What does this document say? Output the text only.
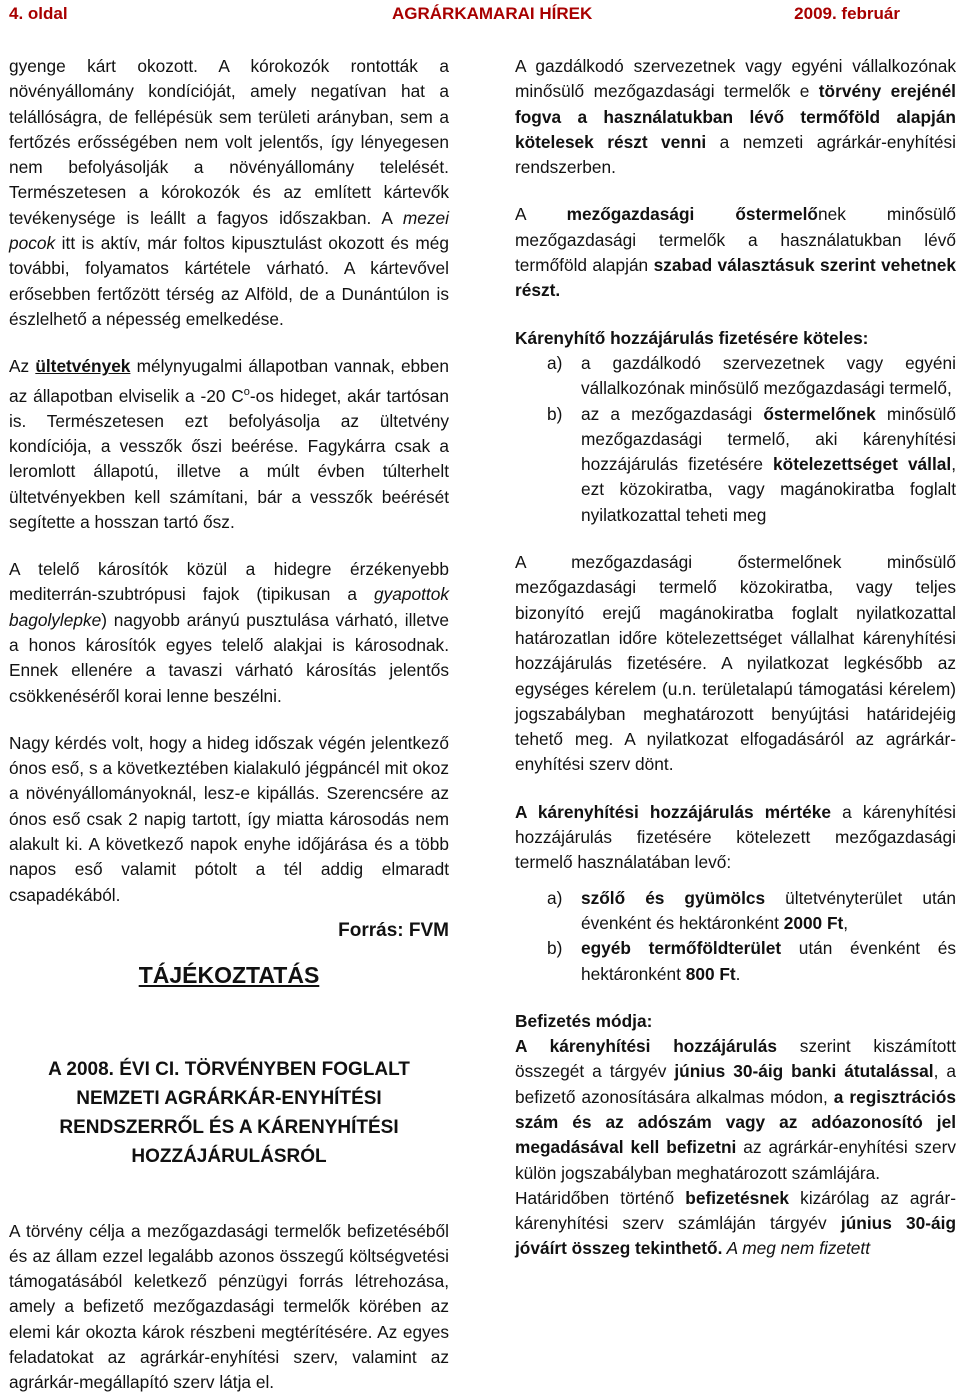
4. oldal	AGRÁRKAMARAI HÍREK	2009. február

gyenge kárt okozott. A kórokozók rontották a növényállomány kondícióját, amely negatívan hat a telállóságra, de fellépésük sem területi arányban, sem a fertőzés erősségében nem volt jelentős, így lényegesen nem befolyásolják a növényállomány telelését. Természetesen a kórokozók és az említett kártevők tevékenysége is leállt a fagyos időszakban. A mezei pocok itt is aktív, már foltos kipusztulást okozott és még további, folyamatos kártétele várható. A kártevővel erősebben fertőzött térség az Alföld, de a Dunántúlon is észlelhető a népesség emelkedése.

Az ültetvények mélynyugalmi állapotban vannak, ebben az állapotban elviselik a -20 $C^o-os$ hideget, akár tartósan is. Természetesen ezt befolyásolja az ültetvény kondíciója, a vesszők őszi beérése. Fagykárra csak a leromlott állapotú, illetve a múlt évben túlterhelt ültetvényekben kell számítani, bár a vesszők beérését segítette a hosszan tartó ősz.

A telelő károsítók közül a hidegre érzékenyebb mediterrán-szubtrópusi fajok (tipikusan a gyapottok bagolylepke) nagyobb arányú pusztulása várható, illetve a honos károsítók egyes telelő alakjai is károsodnak. Ennek ellenére a tavaszi várható károsítás jelentős csökkenéséről korai lenne beszélni.

Nagy kérdés volt, hogy a hideg időszak végén jelentkező ónos eső, s a következtében kialakuló jégpáncél mit okoz a növényállományoknál, lesz-e kipállás. Szerencsére az ónos eső csak 2 napig tartott, így miatta károsodás nem alakult ki. A következő napok enyhe időjárása és a több napos eső valamit pótolt a tél addig elmaradt csapadékából.

Forrás: FVM
TÁJÉKOZTATÁS
A 2008. ÉVI CI. TÖRVÉNYBEN FOGLALT NEMZETI AGRÁRKÁR-ENYHÍTÉSI RENDSZERRŐL ÉS A KÁRENYHÍTÉSI HOZZÁJÁRULÁSRÓL

A törvény célja a mezőgazdasági termelők befizetéséből és az állam ezzel legalább azonos összegű költségvetési támogatásából keletkező pénzügyi forrás létrehozása, amely a befizető mezőgazdasági termelők körében az elemi kár okozta károk részbeni megtérítésére. Az egyes feladatokat az agrárkár-enyhítési szerv, valamint az agrárkár-megállapító szerv látja el.

A gazdálkodó szervezetnek vagy egyéni vállalkozónak minősülő mezőgazdasági termelők e törvény erejénél fogva a használatukban lévő termőföld alapján kötelesek részt venni a nemzeti agrárkár-enyhítési rendszerben.

A mezőgazdasági őstermelőnek minősülő mezőgazdasági termelők a használatukban lévő termőföld alapján szabad választásuk szerint vehetnek részt.

Kárenyhítő hozzájárulás fizetésére köteles:
a)	a gazdálkodó szervezetnek vagy egyéni vállalkozónak minősülő mezőgazdasági termelő,
b)	az a mezőgazdasági őstermelőnek minősülő mezőgazdasági termelő, aki kárenyhítési hozzájárulás fizetésére kötelezettséget vállal, ezt közokiratba, vagy magánokiratba foglalt nyilatkozattal teheti meg

A mezőgazdasági őstermelőnek minősülő mezőgazdasági termelő közokiratba, vagy teljes bizonyító erejű magánokiratba foglalt nyilatkozattal határozatlan időre kötelezettséget vállalhat kárenyhítési hozzájárulás fizetésére. A nyilatkozat legkésőbb az egységes kérelem (u.n. területalapú támogatási kérelem) jogszabályban meghatározott benyújtási határidejéig tehető meg. A nyilatkozat elfogadásáról az agrárkár-enyhítési szerv dönt.

A kárenyhítési hozzájárulás mértéke a kárenyhítési hozzájárulás fizetésére kötelezett mezőgazdasági termelő használatában levő:

a)	szőlő és gyümölcs ültetvényterület után évenként és hektáronként 2000 Ft,
b)	egyéb termőföldterület után évenként és hektáronként 800 Ft.
Befizetés módja:

A kárenyhítési hozzájárulás szerint kiszámított összegét a tárgyév június 30-áig banki átutalással, a befizető azonosítására alkalmas módon, a regisztrációs szám és az adószám vagy az adóazonosító jel megadásával kell befizetni az agrárkár-enyhítési szerv külön jogszabályban meghatározott számlájára.

Határidőben történő befizetésnek kizárólag az agrár-kárenyhítési szerv számláján tárgyév június 30-áig jóváírt összeg tekinthető. A meg nem fizetett
